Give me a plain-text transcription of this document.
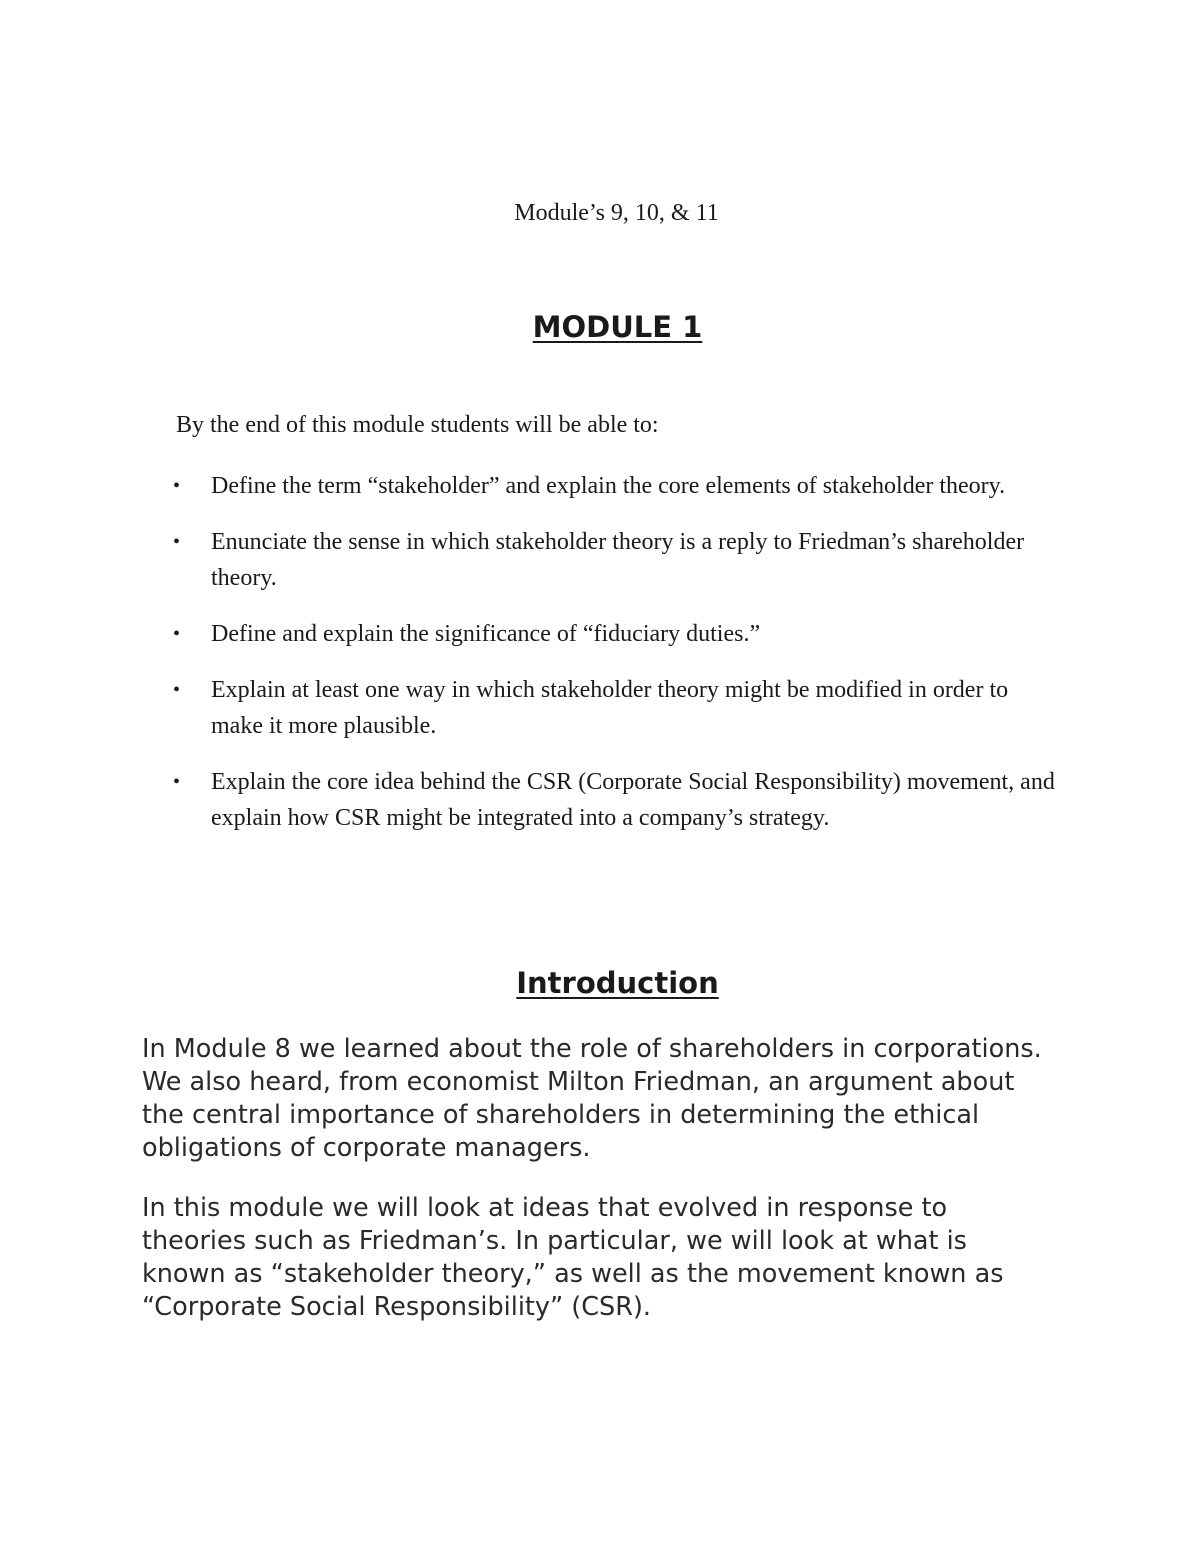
Module’s 9, 10, & 11

MODULE 1

By the end of this module students will be able to:

• Define the term “stakeholder” and explain the core elements of stakeholder theory.
• Enunciate the sense in which stakeholder theory is a reply to Friedman’s shareholder theory.
• Define and explain the significance of “fiduciary duties.”
• Explain at least one way in which stakeholder theory might be modified in order to make it more plausible.
• Explain the core idea behind the CSR (Corporate Social Responsibility) movement, and explain how CSR might be integrated into a company’s strategy.
Introduction

In Module 8 we learned about the role of shareholders in corporations. We also heard, from economist Milton Friedman, an argument about the central importance of shareholders in determining the ethical obligations of corporate managers.

In this module we will look at ideas that evolved in response to theories such as Friedman’s. In particular, we will look at what is known as “stakeholder theory,” as well as the movement known as “Corporate Social Responsibility” (CSR).
